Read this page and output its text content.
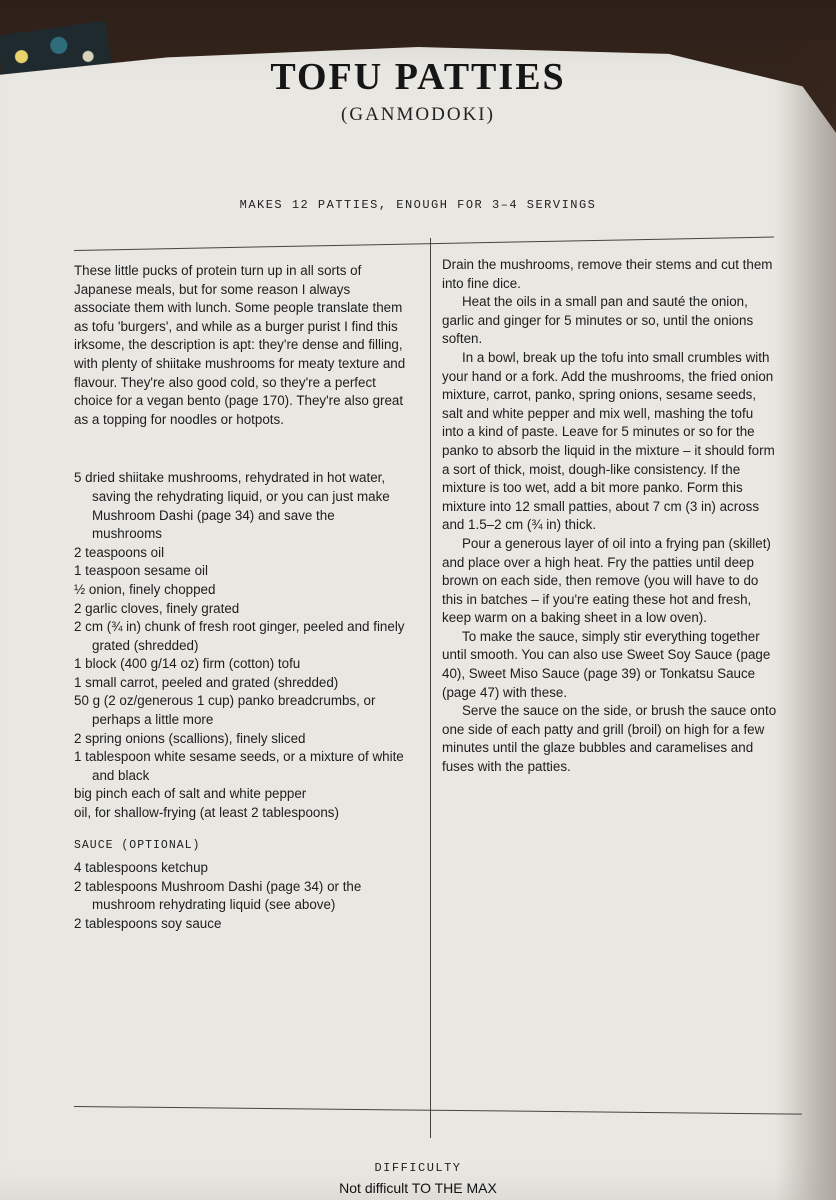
TOFU PATTIES
(GANMODOKI)
MAKES 12 PATTIES, ENOUGH FOR 3–4 SERVINGS

These little pucks of protein turn up in all sorts of Japanese meals, but for some reason I always associate them with lunch. Some people translate them as tofu 'burgers', and while as a burger purist I find this irksome, the description is apt: they're dense and filling, with plenty of shiitake mushrooms for meaty texture and flavour. They're also good cold, so they're a perfect choice for a vegan bento (page 170). They're also great as a topping for noodles or hotpots.

5 dried shiitake mushrooms, rehydrated in hot water, saving the rehydrating liquid, or you can just make Mushroom Dashi (page 34) and save the mushrooms
2 teaspoons oil
1 teaspoon sesame oil
½ onion, finely chopped
2 garlic cloves, finely grated
2 cm (¾ in) chunk of fresh root ginger, peeled and finely grated (shredded)
1 block (400 g/14 oz) firm (cotton) tofu
1 small carrot, peeled and grated (shredded)
50 g (2 oz/generous 1 cup) panko breadcrumbs, or perhaps a little more
2 spring onions (scallions), finely sliced
1 tablespoon white sesame seeds, or a mixture of white and black
big pinch each of salt and white pepper
oil, for shallow-frying (at least 2 tablespoons)
SAUCE (OPTIONAL)
4 tablespoons ketchup
2 tablespoons Mushroom Dashi (page 34) or the mushroom rehydrating liquid (see above)
2 tablespoons soy sauce

Drain the mushrooms, remove their stems and cut them into fine dice.

Heat the oils in a small pan and sauté the onion, garlic and ginger for 5 minutes or so, until the onions soften.

In a bowl, break up the tofu into small crumbles with your hand or a fork. Add the mushrooms, the fried onion mixture, carrot, panko, spring onions, sesame seeds, salt and white pepper and mix well, mashing the tofu into a kind of paste. Leave for 5 minutes or so for the panko to absorb the liquid in the mixture – it should form a sort of thick, moist, dough-like consistency. If the mixture is too wet, add a bit more panko. Form this mixture into 12 small patties, about 7 cm (3 in) across and 1.5–2 cm (¾ in) thick.

Pour a generous layer of oil into a frying pan (skillet) and place over a high heat. Fry the patties until deep brown on each side, then remove (you will have to do this in batches – if you're eating these hot and fresh, keep warm on a baking sheet in a low oven).

To make the sauce, simply stir everything together until smooth. You can also use Sweet Soy Sauce (page 40), Sweet Miso Sauce (page 39) or Tonkatsu Sauce (page 47) with these.

Serve the sauce on the side, or brush the sauce onto one side of each patty and grill (broil) on high for a few minutes until the glaze bubbles and caramelises and fuses with the patties.

DIFFICULTY
Not difficult TO THE MAX
